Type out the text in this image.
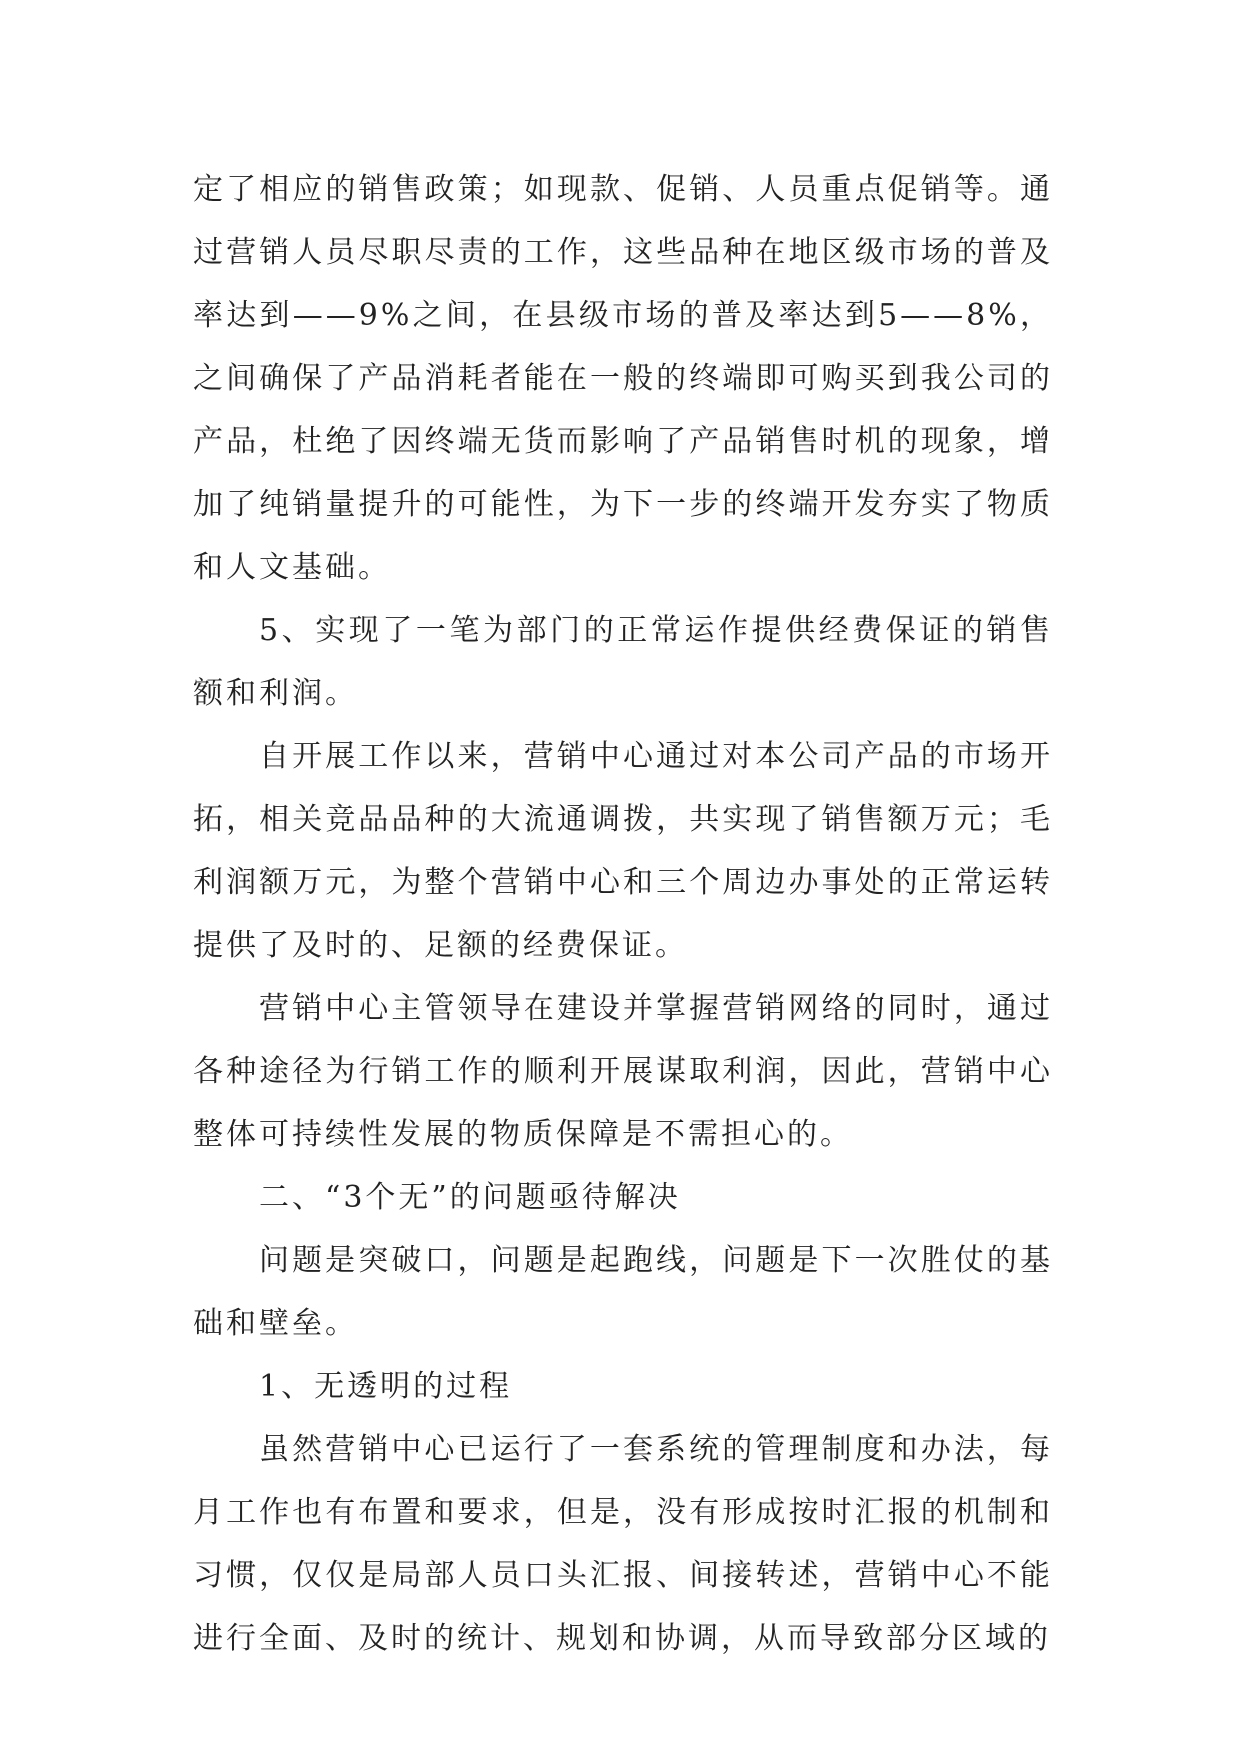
定了相应的销售政策；如现款、促销、人员重点促销等。通过营销人员尽职尽责的工作，这些品种在地区级市场的普及率达到——9%之间，在县级市场的普及率达到5——8%，之间确保了产品消耗者能在一般的终端即可购买到我公司的产品，杜绝了因终端无货而影响了产品销售时机的现象，增加了纯销量提升的可能性，为下一步的终端开发夯实了物质和人文基础。

5、实现了一笔为部门的正常运作提供经费保证的销售额和利润。

自开展工作以来，营销中心通过对本公司产品的市场开拓，相关竞品品种的大流通调拨，共实现了销售额万元；毛利润额万元，为整个营销中心和三个周边办事处的正常运转提供了及时的、足额的经费保证。

营销中心主管领导在建设并掌握营销网络的同时，通过各种途径为行销工作的顺利开展谋取利润，因此，营销中心整体可持续性发展的物质保障是不需担心的。

二、“3个无”的问题亟待解决

问题是突破口，问题是起跑线，问题是下一次胜仗的基础和壁垒。

1、无透明的过程

虽然营销中心已运行了一套系统的管理制度和办法，每月工作也有布置和要求，但是，没有形成按时汇报的机制和习惯，仅仅是局部人员口头汇报、间接转述，营销中心不能进行全面、及时的统计、规划和协调，从而导致部分区域的
